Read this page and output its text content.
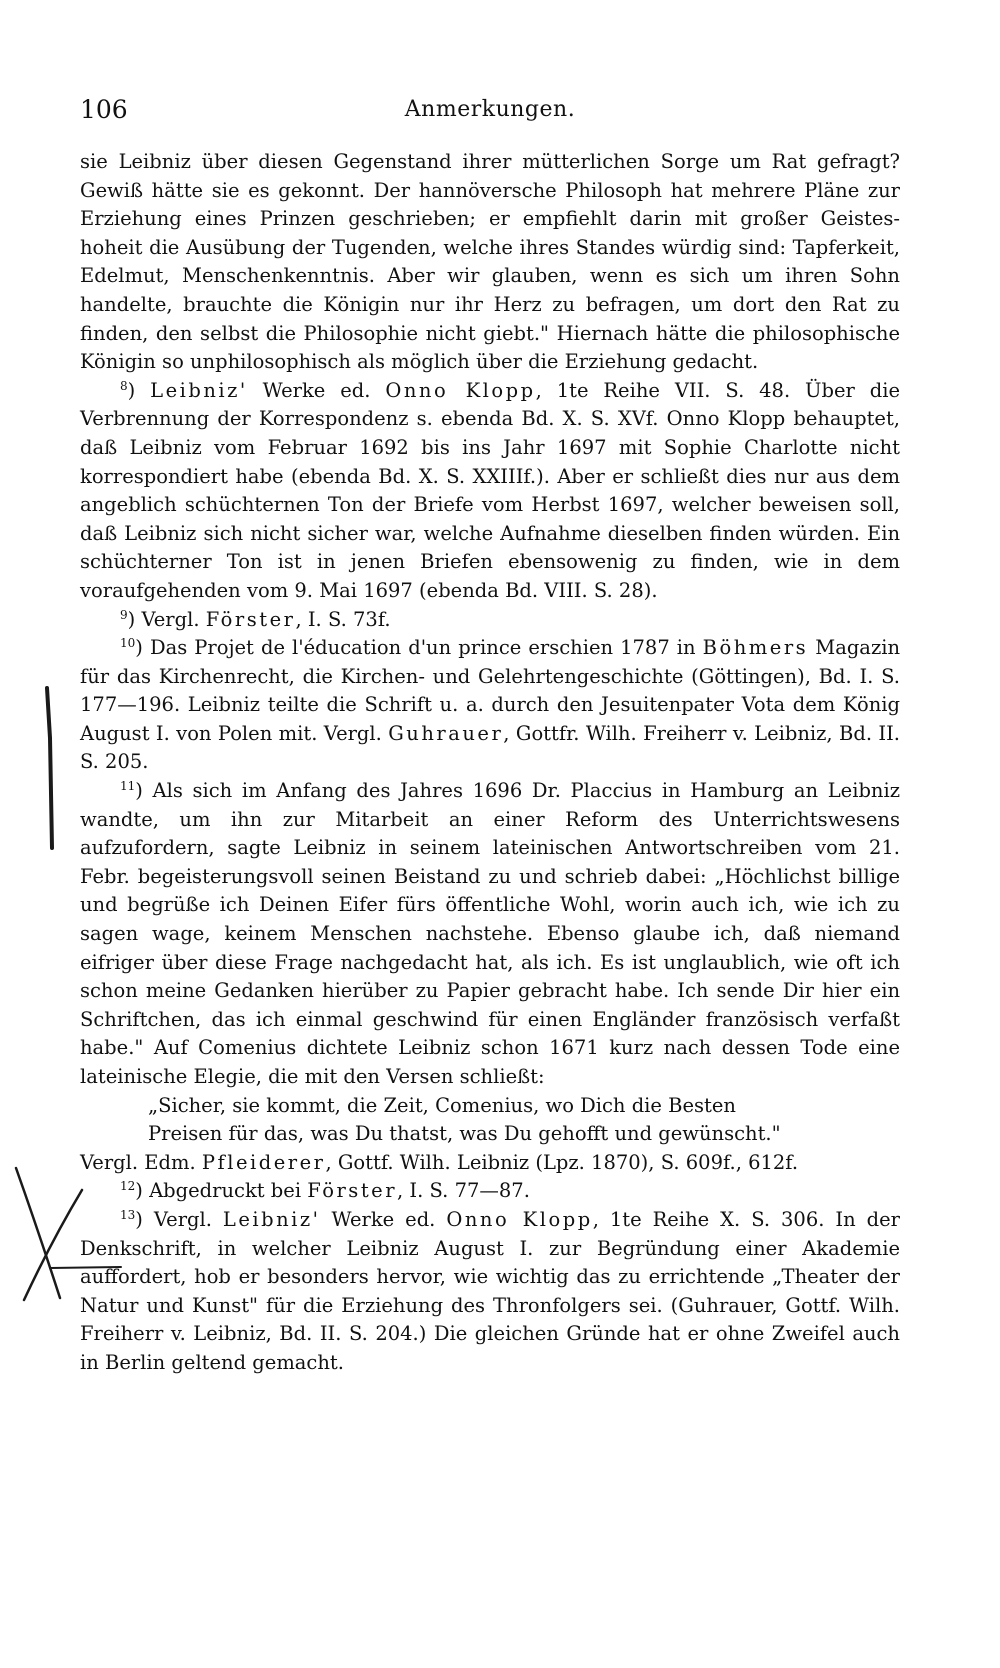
106	Anmerkungen.

sie Leibniz über diesen Gegenstand ihrer mütterlichen Sorge um Rat gefragt? Gewiß hätte sie es gekonnt. Der hannöversche Philosoph hat mehrere Pläne zur Erziehung eines Prinzen geschrieben; er empfiehlt darin mit großer Geistes-hoheit die Ausübung der Tugenden, welche ihres Standes würdig sind: Tapferkeit, Edelmut, Menschenkenntnis. Aber wir glauben, wenn es sich um ihren Sohn handelte, brauchte die Königin nur ihr Herz zu befragen, um dort den Rat zu finden, den selbst die Philosophie nicht giebt." Hiernach hätte die philosophische Königin so unphilosophisch als möglich über die Erziehung gedacht.

$^8$) Leibniz' Werke ed. Onno Klopp, 1te Reihe VII. S. 48. Über die Verbrennung der Korrespondenz s. ebenda Bd. X. S. XVf. Onno Klopp behauptet, daß Leibniz vom Februar 1692 bis ins Jahr 1697 mit Sophie Charlotte nicht korrespondiert habe (ebenda Bd. X. S. XXIIIf.). Aber er schließt dies nur aus dem angeblich schüchternen Ton der Briefe vom Herbst 1697, welcher beweisen soll, daß Leibniz sich nicht sicher war, welche Aufnahme dieselben finden würden. Ein schüchterner Ton ist in jenen Briefen ebensowenig zu finden, wie in dem voraufgehenden vom 9. Mai 1697 (ebenda Bd. VIII. S. 28).

$^9$) Vergl. Förster, I. S. 73f.

$^{10}$) Das Projet de l'éducation d'un prince erschien 1787 in Böhmers Magazin für das Kirchenrecht, die Kirchen- und Gelehrtengeschichte (Göttingen), Bd. I. S. 177—196. Leibniz teilte die Schrift u. a. durch den Jesuitenpater Vota dem König August I. von Polen mit. Vergl. Guhrauer, Gottfr. Wilh. Freiherr v. Leibniz, Bd. II. S. 205.

$^{11}$) Als sich im Anfang des Jahres 1696 Dr. Placcius in Hamburg an Leibniz wandte, um ihn zur Mitarbeit an einer Reform des Unterrichtswesens aufzufordern, sagte Leibniz in seinem lateinischen Antwortschreiben vom 21. Febr. begeisterungsvoll seinen Beistand zu und schrieb dabei: „Höchlichst billige und begrüße ich Deinen Eifer fürs öffentliche Wohl, worin auch ich, wie ich zu sagen wage, keinem Menschen nachstehe. Ebenso glaube ich, daß niemand eifriger über diese Frage nachgedacht hat, als ich. Es ist unglaublich, wie oft ich schon meine Gedanken hierüber zu Papier gebracht habe. Ich sende Dir hier ein Schriftchen, das ich einmal geschwind für einen Engländer französisch verfaßt habe." Auf Comenius dichtete Leibniz schon 1671 kurz nach dessen Tode eine lateinische Elegie, die mit den Versen schließt:

„Sicher, sie kommt, die Zeit, Comenius, wo Dich die Besten

Preisen für das, was Du thatst, was Du gehofft und gewünscht."

Vergl. Edm. Pfleiderer, Gottf. Wilh. Leibniz (Lpz. 1870), S. 609f., 612f.

$^{12}$) Abgedruckt bei Förster, I. S. 77—87.

$^{13}$) Vergl. Leibniz' Werke ed. Onno Klopp, 1te Reihe X. S. 306. In der Denkschrift, in welcher Leibniz August I. zur Begründung einer Akademie auffordert, hob er besonders hervor, wie wichtig das zu errichtende „Theater der Natur und Kunst" für die Erziehung des Thronfolgers sei. (Guhrauer, Gottf. Wilh. Freiherr v. Leibniz, Bd. II. S. 204.) Die gleichen Gründe hat er ohne Zweifel auch in Berlin geltend gemacht.
